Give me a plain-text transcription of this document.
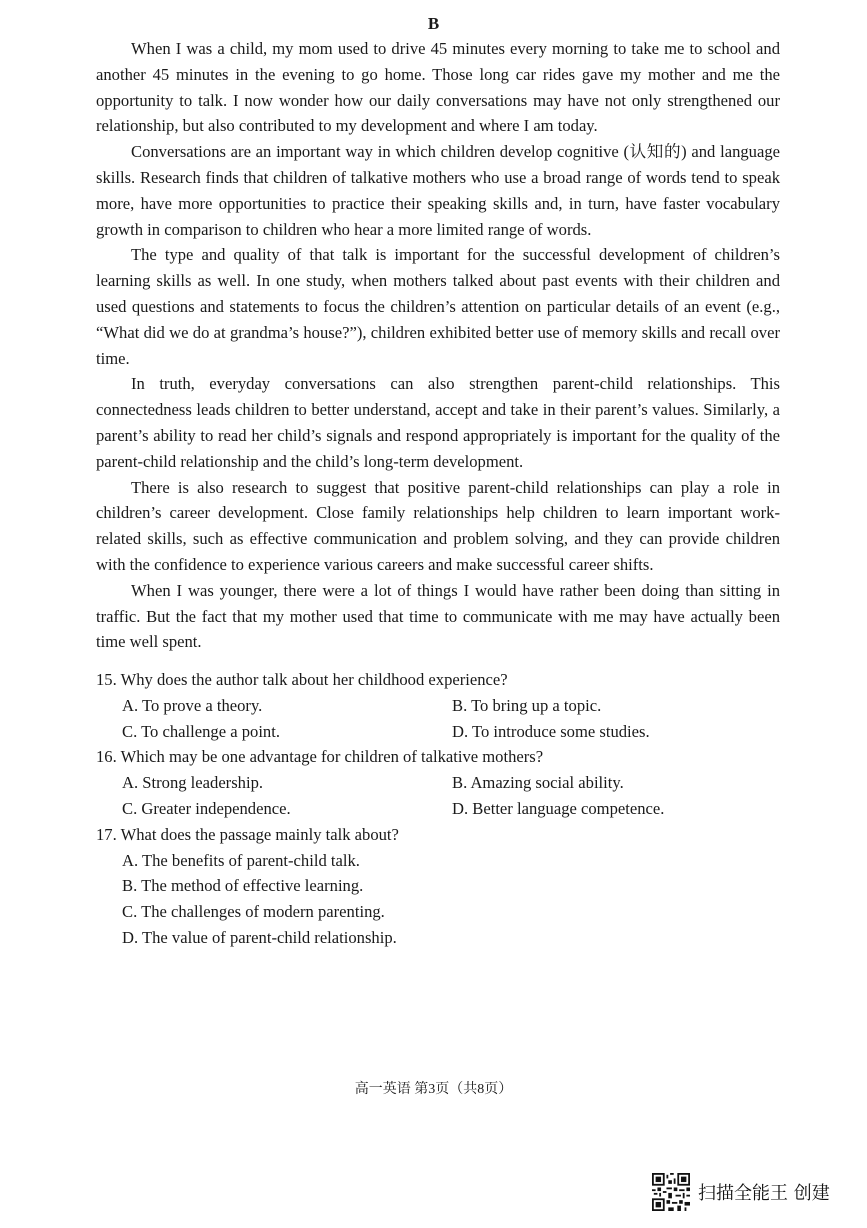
B

When I was a child, my mom used to drive 45 minutes every morning to take me to school and another 45 minutes in the evening to go home. Those long car rides gave my mother and me the opportunity to talk. I now wonder how our daily conversations may have not only strengthened our relationship, but also contributed to my development and where I am today.

Conversations are an important way in which children develop cognitive (认知的) and language skills. Research finds that children of talkative mothers who use a broad range of words tend to speak more, have more opportunities to practice their speaking skills and, in turn, have faster vocabulary growth in comparison to children who hear a more limited range of words.

The type and quality of that talk is important for the successful development of children’s learning skills as well. In one study, when mothers talked about past events with their children and used questions and statements to focus the children’s attention on particular details of an event (e.g., “What did we do at grandma’s house?”), children exhibited better use of memory skills and recall over time.

In truth, everyday conversations can also strengthen parent-child relationships. This connectedness leads children to better understand, accept and take in their parent’s values. Similarly, a parent’s ability to read her child’s signals and respond appropriately is important for the quality of the parent-child relationship and the child’s long-term development.

There is also research to suggest that positive parent-child relationships can play a role in children’s career development. Close family relationships help children to learn important work-related skills, such as effective communication and problem solving, and they can provide children with the confidence to experience various careers and make successful career shifts.

When I was younger, there were a lot of things I would have rather been doing than sitting in traffic. But the fact that my mother used that time to communicate with me may have actually been time well spent.

15. Why does the author talk about her childhood experience?

A. To prove a theory.	B. To bring up a topic.
C. To challenge a point.	D. To introduce some studies.

16. Which may be one advantage for children of talkative mothers?

A. Strong leadership.	B. Amazing social ability.
C. Greater independence.	D. Better language competence.

17. What does the passage mainly talk about?

A. The benefits of parent-child talk.
B. The method of effective learning.
C. The challenges of modern parenting.
D. The value of parent-child relationship.
高一英语 第3页（共8页）
扫描全能王 创建
